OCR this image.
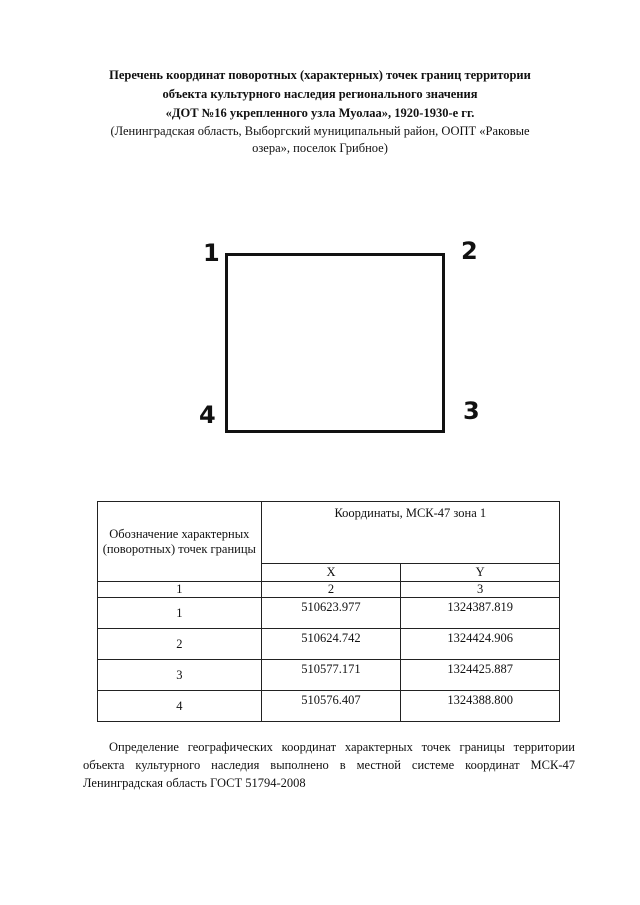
Перечень координат поворотных (характерных) точек границ территории
объекта культурного наследия регионального значения
«ДОТ №16 укрепленного узла Муолаа», 1920-1930-е гг.
(Ленинградская область, Выборгский муниципальный район, ООПТ «Раковые
озера», поселок Грибное)
1	2
3
4
Обозначение характерных (поворотных) точек границы	Координаты, МСК-47 зона 1	
	X	Y
1	2	3
1	510623.977	1324387.819
2	510624.742	1324424.906
3	510577.171	1324425.887
4	510576.407	1324388.800
Определение географических координат характерных точек границы территории объекта культурного наследия выполнено в местной системе координат МСК-47 Ленинградская область ГОСТ 51794-2008
